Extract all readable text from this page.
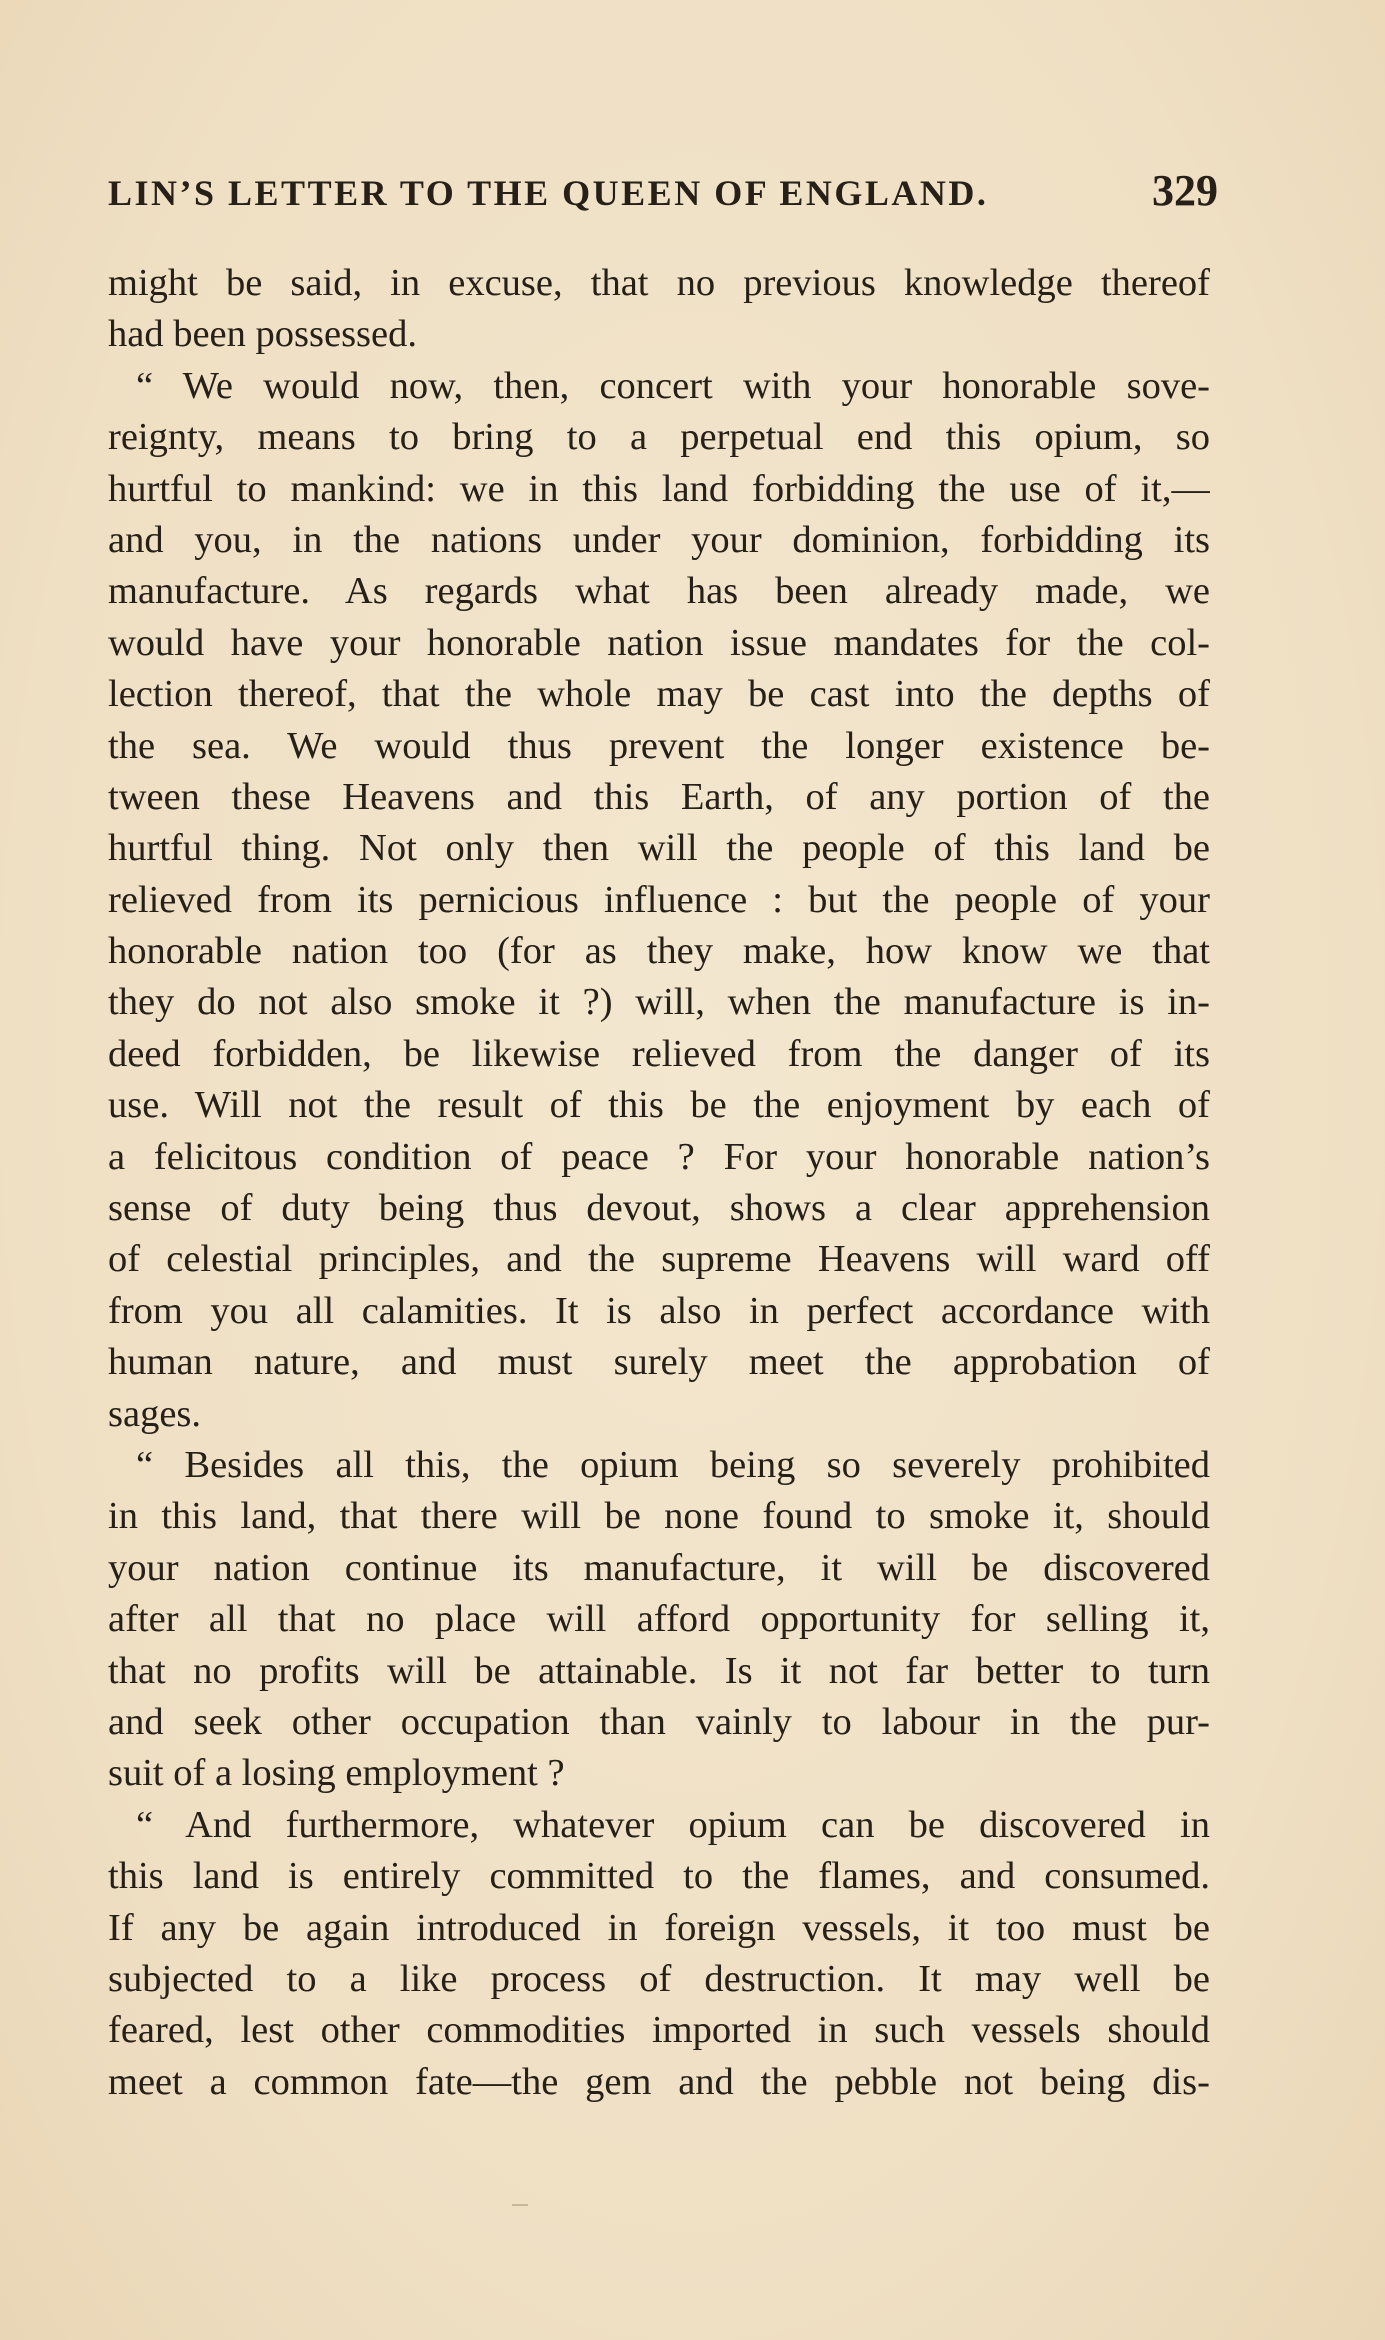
LIN’S LETTER TO THE QUEEN OF ENGLAND.	329
might be said, in excuse, that no previous knowledge thereof
had been possessed.
“ We would now, then, concert with your honorable sove-
reignty, means to bring to a perpetual end this opium, so
hurtful to mankind: we in this land forbidding the use of it,—
and you, in the nations under your dominion, forbidding its
manufacture. As regards what has been already made, we
would have your honorable nation issue mandates for the col-
lection thereof, that the whole may be cast into the depths of
the sea. We would thus prevent the longer existence be-
tween these Heavens and this Earth, of any portion of the
hurtful thing. Not only then will the people of this land be
relieved from its pernicious influence : but the people of your
honorable nation too (for as they make, how know we that
they do not also smoke it ?) will, when the manufacture is in-
deed forbidden, be likewise relieved from the danger of its
use. Will not the result of this be the enjoyment by each of
a felicitous condition of peace ? For your honorable nation’s
sense of duty being thus devout, shows a clear apprehension
of celestial principles, and the supreme Heavens will ward off
from you all calamities. It is also in perfect accordance with
human nature, and must surely meet the approbation of
sages.
“ Besides all this, the opium being so severely prohibited
in this land, that there will be none found to smoke it, should
your nation continue its manufacture, it will be discovered
after all that no place will afford opportunity for selling it,
that no profits will be attainable. Is it not far better to turn
and seek other occupation than vainly to labour in the pur-
suit of a losing employment ?
“ And furthermore, whatever opium can be discovered in
this land is entirely committed to the flames, and consumed.
If any be again introduced in foreign vessels, it too must be
subjected to a like process of destruction. It may well be
feared, lest other commodities imported in such vessels should
meet a common fate—the gem and the pebble not being dis-
